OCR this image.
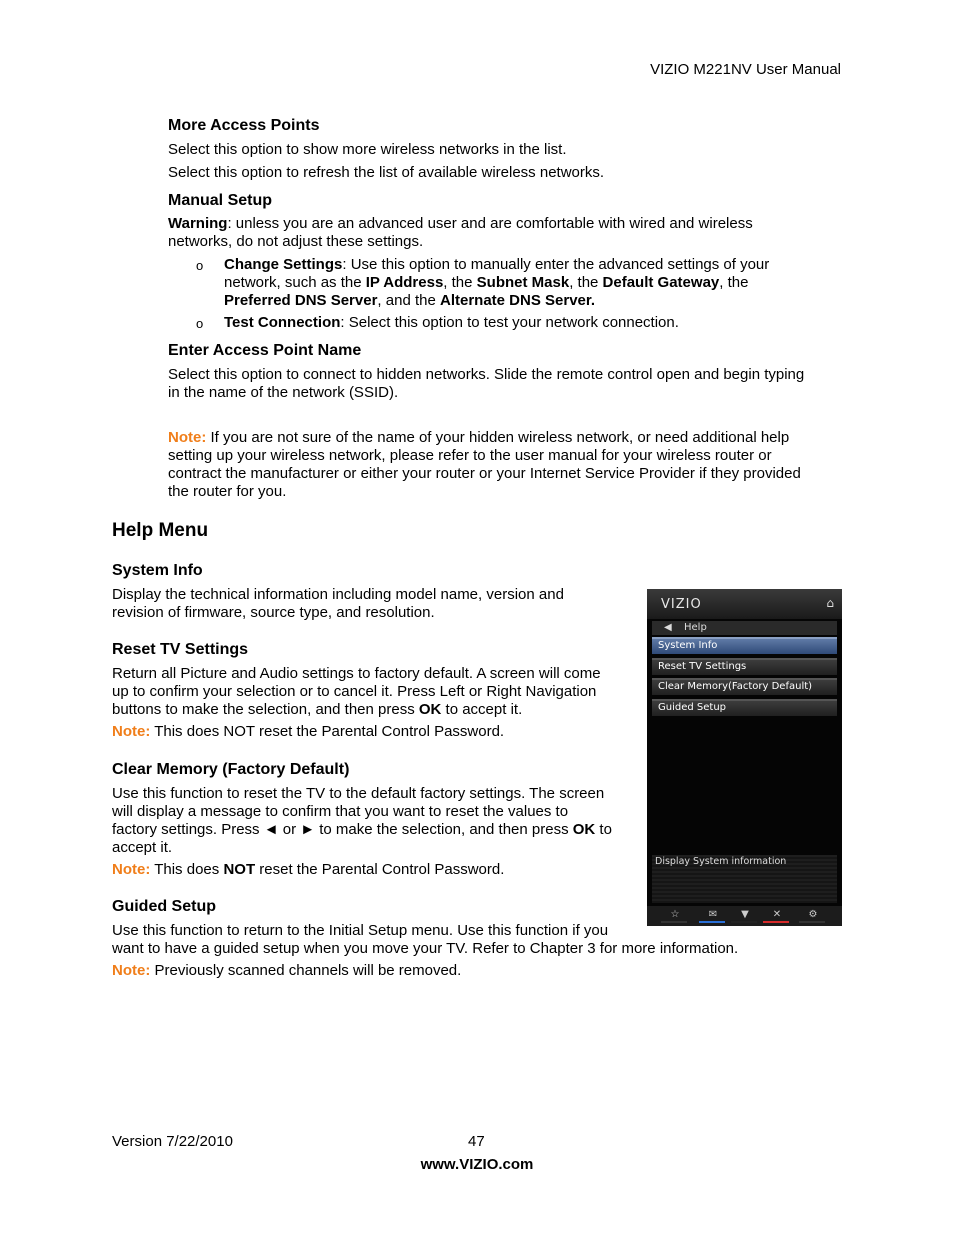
VIZIO M221NV User Manual
More Access Points
Select this option to show more wireless networks in the list.
Select this option to refresh the list of available wireless networks.
Manual Setup
Warning: unless you are an advanced user and are comfortable with wired and wireless
networks, do not adjust these settings.
o Change Settings: Use this option to manually enter the advanced settings of your
network, such as the IP Address, the Subnet Mask, the Default Gateway, the
Preferred DNS Server, and the Alternate DNS Server.
o Test Connection: Select this option to test your network connection.
Enter Access Point Name
Select this option to connect to hidden networks. Slide the remote control open and begin typing
in the name of the network (SSID).
Note: If you are not sure of the name of your hidden wireless network, or need additional help
setting up your wireless network, please refer to the user manual for your wireless router or
contract the manufacturer or either your router or your Internet Service Provider if they provided
the router for you.
Help Menu
System Info
Display the technical information including model name, version and
revision of firmware, source type, and resolution.
Reset TV Settings
Return all Picture and Audio settings to factory default. A screen will come
up to confirm your selection or to cancel it. Press Left or Right Navigation
buttons to make the selection, and then press OK to accept it.
Note: This does NOT reset the Parental Control Password.
Clear Memory (Factory Default)
Use this function to reset the TV to the default factory settings. The screen
will display a message to confirm that you want to reset the values to
factory settings. Press ◄ or ► to make the selection, and then press OK to
accept it.
Note: This does NOT reset the Parental Control Password.
Guided Setup
Use this function to return to the Initial Setup menu. Use this function if you
want to have a guided setup when you move your TV. Refer to Chapter 3 for more information.
Note: Previously scanned channels will be removed.
VIZIO	⌂
◀ Help
System Info
Reset TV Settings
Clear Memory(Factory Default)
Guided Setup
Display System information
☆	✉	▼	✕	⚙
Version 7/22/2010	47
www.VIZIO.com
